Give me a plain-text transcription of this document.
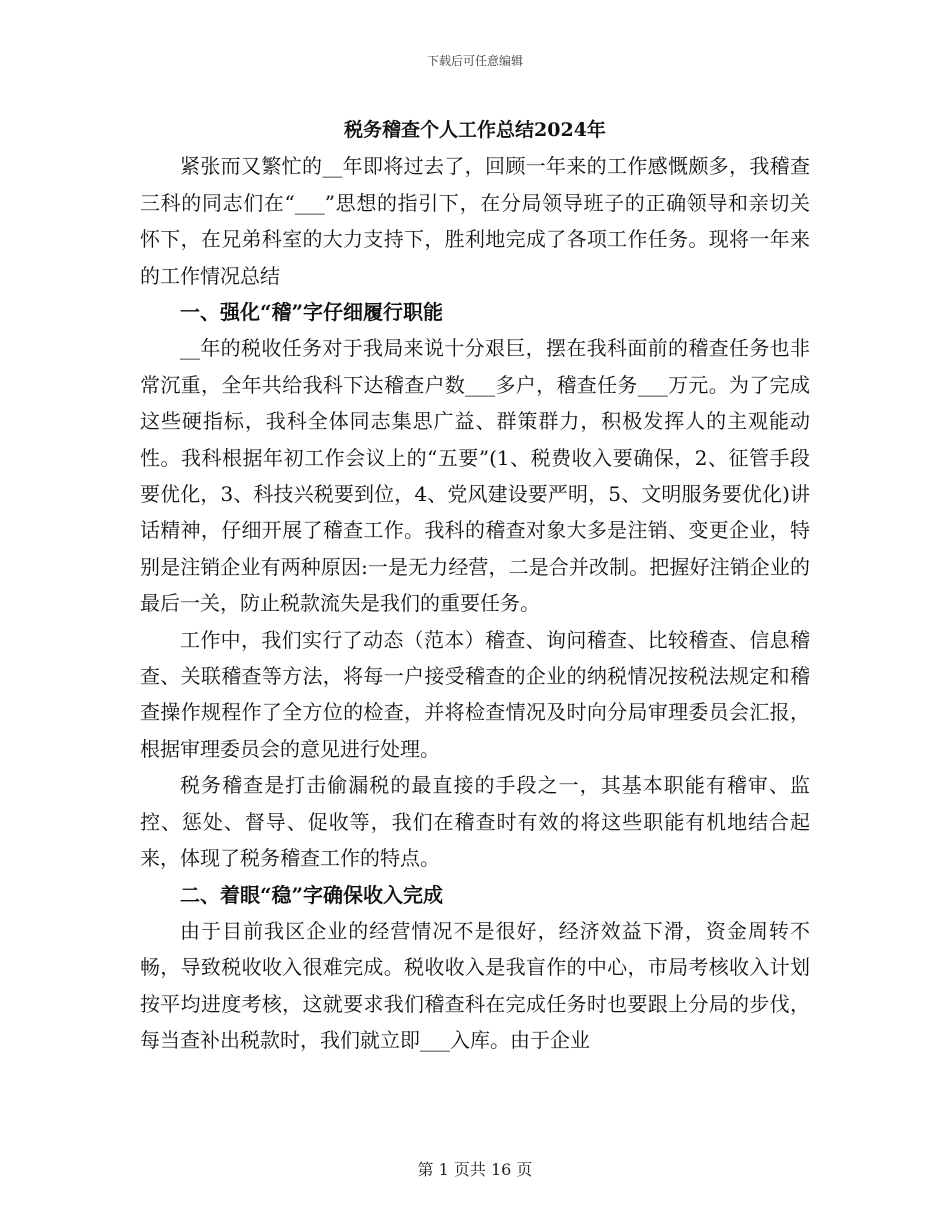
下载后可任意编辑
税务稽查个人工作总结2024年

紧张而又繁忙的__年即将过去了，回顾一年来的工作感慨颇多，我稽查三科的同志们在“___”思想的指引下，在分局领导班子的正确领导和亲切关怀下，在兄弟科室的大力支持下，胜利地完成了各项工作任务。现将一年来的工作情况总结

一、强化“稽”字仔细履行职能

__年的税收任务对于我局来说十分艰巨，摆在我科面前的稽查任务也非常沉重，全年共给我科下达稽查户数___多户，稽查任务___万元。为了完成这些硬指标，我科全体同志集思广益、群策群力，积极发挥人的主观能动性。我科根据年初工作会议上的“五要”(1、税费收入要确保，2、征管手段要优化，3、科技兴税要到位，4、党风建设要严明，5、文明服务要优化)讲话精神，仔细开展了稽查工作。我科的稽查对象大多是注销、变更企业，特别是注销企业有两种原因:一是无力经营，二是合并改制。把握好注销企业的最后一关，防止税款流失是我们的重要任务。

工作中，我们实行了动态（范本）稽查、询问稽查、比较稽查、信息稽查、关联稽查等方法，将每一户接受稽查的企业的纳税情况按税法规定和稽查操作规程作了全方位的检查，并将检查情况及时向分局审理委员会汇报，根据审理委员会的意见进行处理。

税务稽查是打击偷漏税的最直接的手段之一，其基本职能有稽审、监控、惩处、督导、促收等，我们在稽查时有效的将这些职能有机地结合起来，体现了税务稽查工作的特点。

二、着眼“稳”字确保收入完成

由于目前我区企业的经营情况不是很好，经济效益下滑，资金周转不畅，导致税收收入很难完成。税收收入是我盲作的中心，市局考核收入计划按平均进度考核，这就要求我们稽查科在完成任务时也要跟上分局的步伐，每当查补出税款时，我们就立即___入库。由于企业

第 1 页共 16 页
